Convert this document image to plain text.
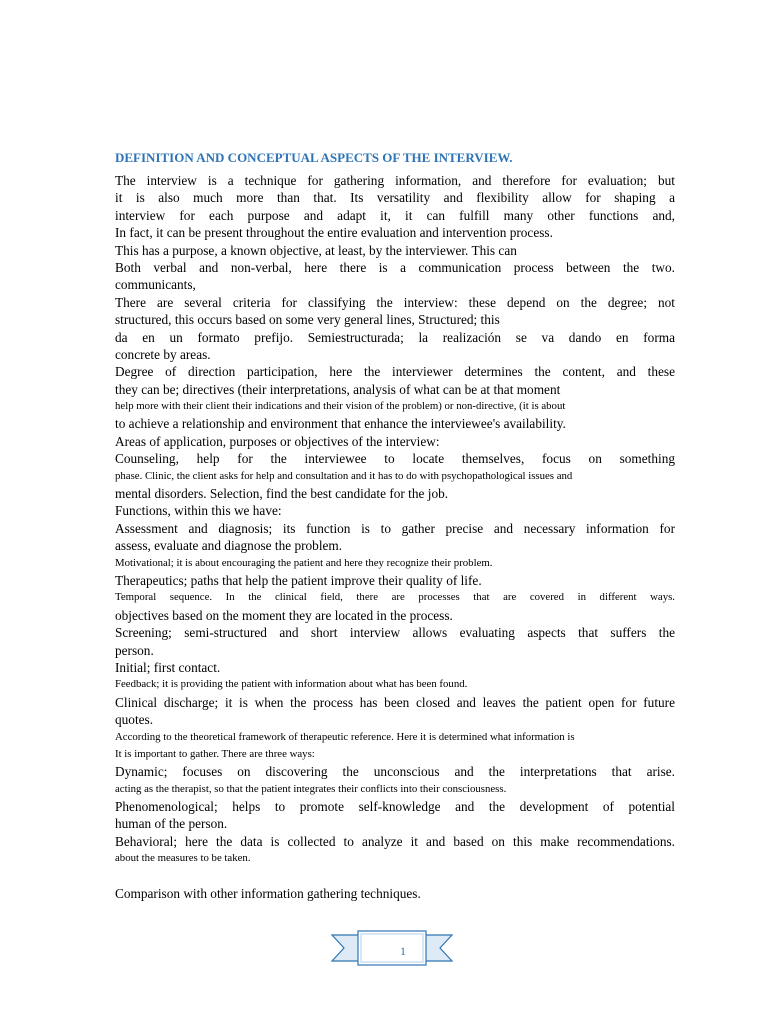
DEFINITION AND CONCEPTUAL ASPECTS OF THE INTERVIEW.
The interview is a technique for gathering information, and therefore for evaluation; but
it is also much more than that. Its versatility and flexibility allow for shaping a
interview for each purpose and adapt it, it can fulfill many other functions and,
In fact, it can be present throughout the entire evaluation and intervention process.
This has a purpose, a known objective, at least, by the interviewer. This can
Both verbal and non-verbal, here there is a communication process between the two.
communicants,
There are several criteria for classifying the interview: these depend on the degree; not
structured, this occurs based on some very general lines, Structured; this
da en un formato prefijo. Semiestructurada; la realización se va dando en forma
concrete by areas.
Degree of direction participation, here the interviewer determines the content, and these
they can be; directives (their interpretations, analysis of what can be at that moment
help more with their client their indications and their vision of the problem) or non-directive, (it is about
to achieve a relationship and environment that enhance the interviewee's availability.
Areas of application, purposes or objectives of the interview:
Counseling, help for the interviewee to locate themselves, focus on something
phase. Clinic, the client asks for help and consultation and it has to do with psychopathological issues and
mental disorders. Selection, find the best candidate for the job.
Functions, within this we have:
Assessment and diagnosis; its function is to gather precise and necessary information for
assess, evaluate and diagnose the problem.
Motivational; it is about encouraging the patient and here they recognize their problem.
Therapeutics; paths that help the patient improve their quality of life.
Temporal sequence. In the clinical field, there are processes that are covered in different ways.
objectives based on the moment they are located in the process.
Screening; semi-structured and short interview allows evaluating aspects that suffers the
person.
Initial; first contact.
Feedback; it is providing the patient with information about what has been found.
Clinical discharge; it is when the process has been closed and leaves the patient open for future
quotes.
According to the theoretical framework of therapeutic reference. Here it is determined what information is
It is important to gather. There are three ways:
Dynamic; focuses on discovering the unconscious and the interpretations that arise.
acting as the therapist, so that the patient integrates their conflicts into their consciousness.
Phenomenological; helps to promote self-knowledge and the development of potential
human of the person.
Behavioral; here the data is collected to analyze it and based on this make recommendations.
about the measures to be taken.
Comparison with other information gathering techniques.
1
